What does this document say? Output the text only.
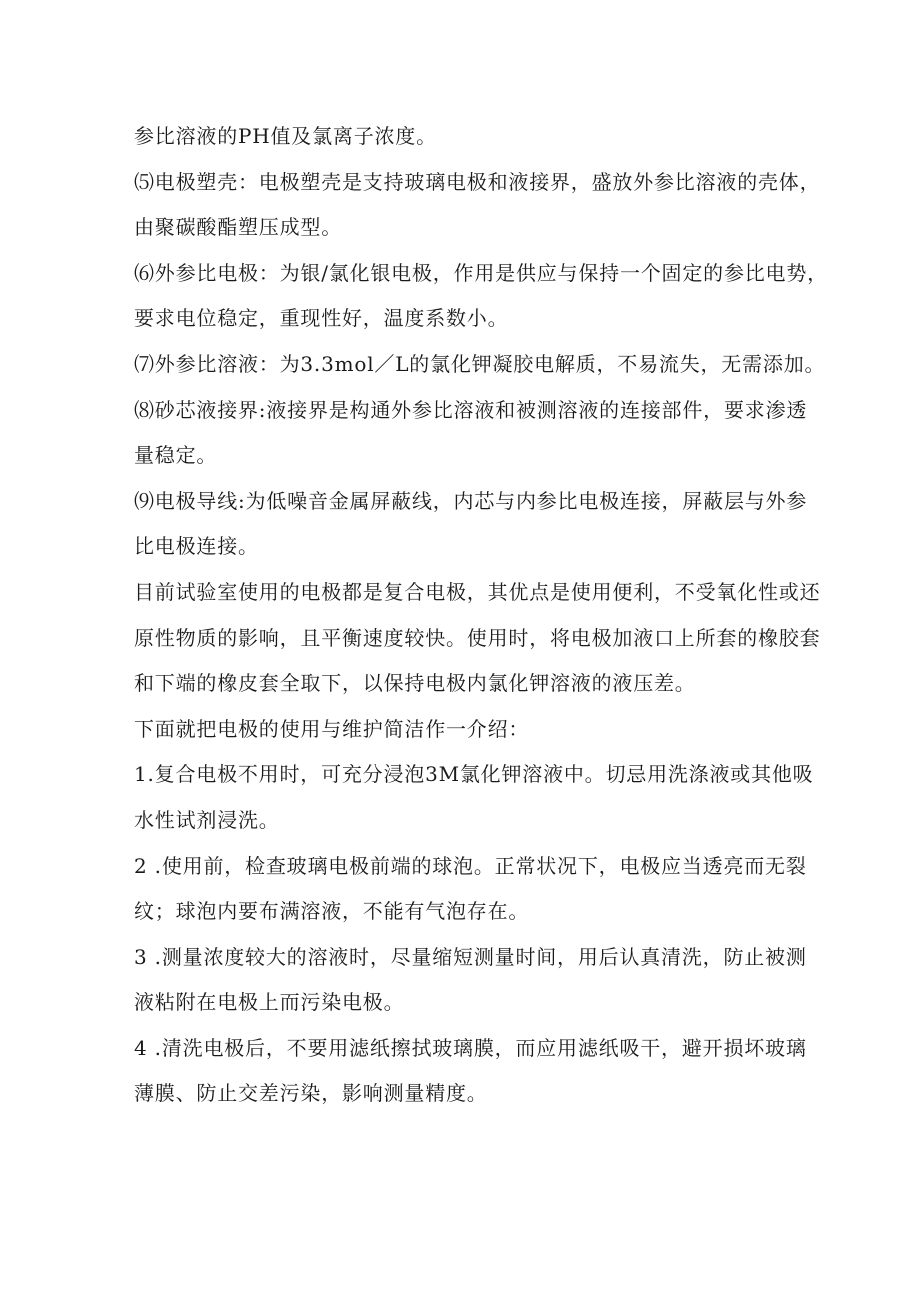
参比溶液的PH值及氯离子浓度。

⑸电极塑壳：电极塑壳是支持玻璃电极和液接界，盛放外参比溶液的壳体，

由聚碳酸酯塑压成型。

⑹外参比电极：为银/氯化银电极，作用是供应与保持一个固定的参比电势，

要求电位稳定，重现性好，温度系数小。

⑺外参比溶液：为3.3mol／L的氯化钾凝胶电解质，不易流失，无需添加。

⑻砂芯液接界:液接界是构通外参比溶液和被测溶液的连接部件，要求渗透

量稳定。

⑼电极导线:为低噪音金属屏蔽线，内芯与内参比电极连接，屏蔽层与外参

比电极连接。

目前试验室使用的电极都是复合电极，其优点是使用便利，不受氧化性或还

原性物质的影响，且平衡速度较快。使用时，将电极加液口上所套的橡胶套

和下端的橡皮套全取下，以保持电极内氯化钾溶液的液压差。

下面就把电极的使用与维护简洁作一介绍：

1.复合电极不用时，可充分浸泡3M氯化钾溶液中。切忌用洗涤液或其他吸

水性试剂浸洗。

2 .使用前，检查玻璃电极前端的球泡。正常状况下，电极应当透亮而无裂

纹；球泡内要布满溶液，不能有气泡存在。

3 .测量浓度较大的溶液时，尽量缩短测量时间，用后认真清洗，防止被测

液粘附在电极上而污染电极。

4 .清洗电极后，不要用滤纸擦拭玻璃膜，而应用滤纸吸干，避开损坏玻璃

薄膜、防止交差污染，影响测量精度。
